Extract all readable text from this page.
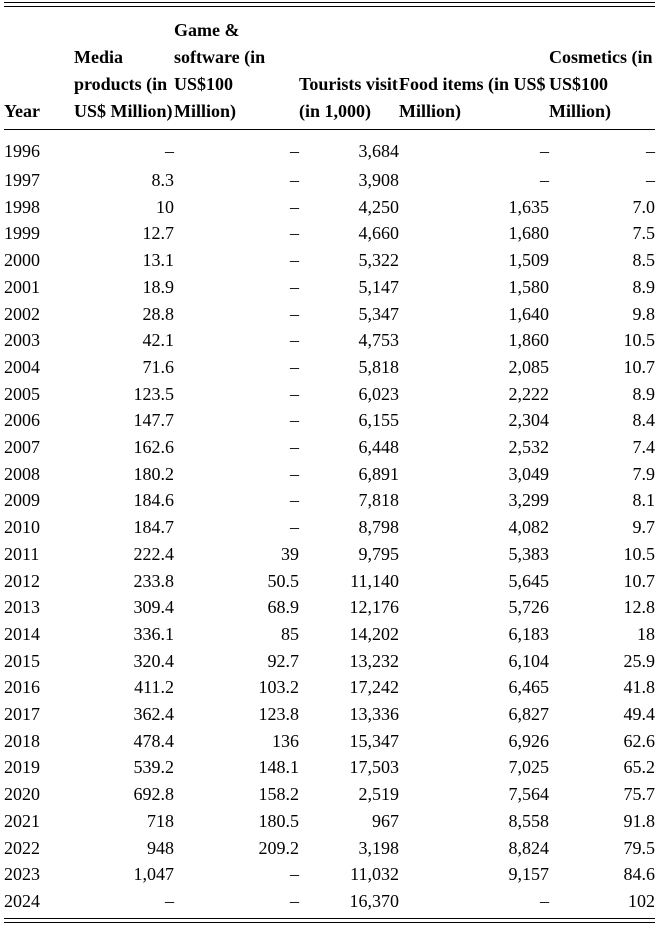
Year	Media products (in US$ Million)	Game & software (in US$100 Million)	Tourists visit (in 1,000)	Food items (in US$ Million)	Cosmetics (in US$100 Million)
1996	–	–	3,684	–	–
1997	8.3	–	3,908	–	–
1998	10	–	4,250	1,635	7.0
1999	12.7	–	4,660	1,680	7.5
2000	13.1	–	5,322	1,509	8.5
2001	18.9	–	5,147	1,580	8.9
2002	28.8	–	5,347	1,640	9.8
2003	42.1	–	4,753	1,860	10.5
2004	71.6	–	5,818	2,085	10.7
2005	123.5	–	6,023	2,222	8.9
2006	147.7	–	6,155	2,304	8.4
2007	162.6	–	6,448	2,532	7.4
2008	180.2	–	6,891	3,049	7.9
2009	184.6	–	7,818	3,299	8.1
2010	184.7	–	8,798	4,082	9.7
2011	222.4	39	9,795	5,383	10.5
2012	233.8	50.5	11,140	5,645	10.7
2013	309.4	68.9	12,176	5,726	12.8
2014	336.1	85	14,202	6,183	18
2015	320.4	92.7	13,232	6,104	25.9
2016	411.2	103.2	17,242	6,465	41.8
2017	362.4	123.8	13,336	6,827	49.4
2018	478.4	136	15,347	6,926	62.6
2019	539.2	148.1	17,503	7,025	65.2
2020	692.8	158.2	2,519	7,564	75.7
2021	718	180.5	967	8,558	91.8
2022	948	209.2	3,198	8,824	79.5
2023	1,047	–	11,032	9,157	84.6
2024	–	–	16,370	–	102
